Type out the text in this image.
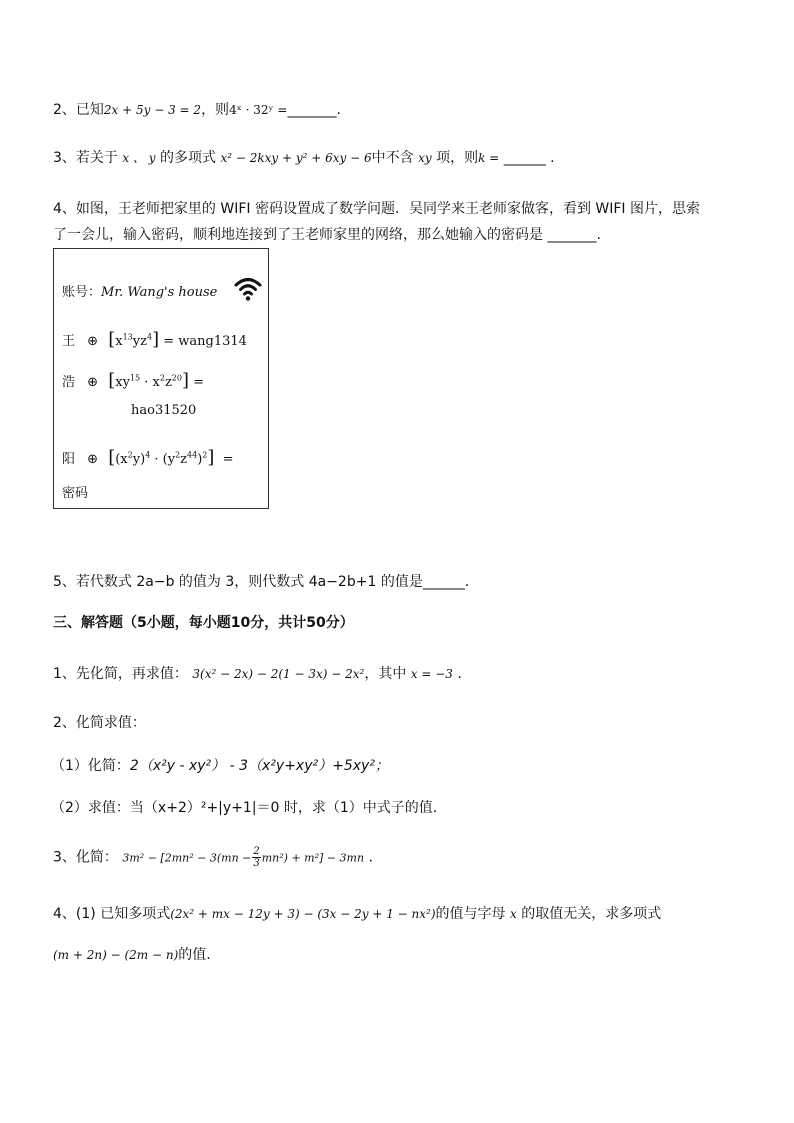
2、已知2x + 5y − 3 = 2，则4ˣ · 32ʸ =_______.
3、若关于 x 、 y 的多项式 x² − 2kxy + y² + 6xy − 6中不含 xy 项，则k = ______ .
4、如图，王老师把家里的 WIFI 密码设置成了数学问题．吴同学来王老师家做客，看到 WIFI 图片，思索
了一会儿，输入密码，顺利地连接到了王老师家里的网络，那么她输入的密码是 _______.
账号：Mr. Wang's house
王 ⊕ $[x^{13}yz^4]$ = wang1314
浩 ⊕ $[xy^{15} \cdot x^2z^{20}]$ =
hao31520
阳 ⊕ $[(x^2y)^4 \cdot (y^2z^{44})^2]$ =
密码
5、若代数式 2a−b 的值为 3，则代数式 4a−2b+1 的值是______．
三、解答题（5小题，每小题10分，共计50分）
1、先化简，再求值： 3(x² − 2x) − 2(1 − 3x) − 2x²，其中 x = −3 .
2、化简求值：
（1）化简：2（x²y - xy²） - 3（x²y+xy²）+5xy²；
（2）求值：当（x+2）²+|y+1|＝0 时，求（1）中式子的值．
3、化简： $3m^2 - [2mn^2 - 3(mn - \frac{2}{3} mn^2) + m^2] - 3mn$ .
4、(1) 已知多项式(2x² + mx − 12y + 3) − (3x − 2y + 1 − nx²)的值与字母 x 的取值无关，求多项式
(m + 2n) − (2m − n)的值.
